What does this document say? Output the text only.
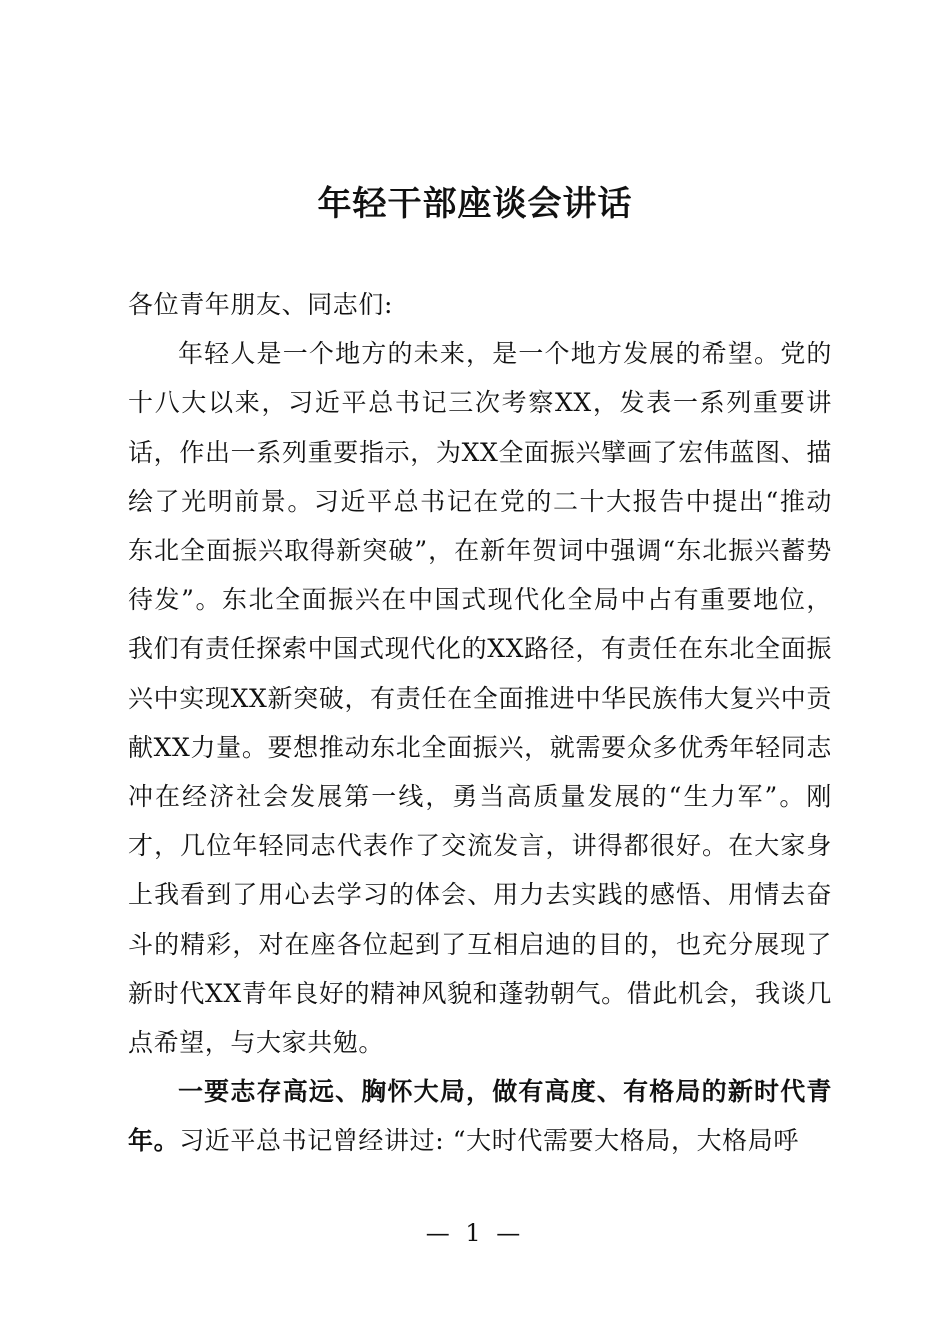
年轻干部座谈会讲话

各位青年朋友、同志们:

年轻人是一个地方的未来，是一个地方发展的希望。党的十八大以来，习近平总书记三次考察XX，发表一系列重要讲话，作出一系列重要指示，为XX全面振兴擘画了宏伟蓝图、描绘了光明前景。习近平总书记在党的二十大报告中提出“推动东北全面振兴取得新突破”，在新年贺词中强调“东北振兴蓄势待发”。东北全面振兴在中国式现代化全局中占有重要地位，我们有责任探索中国式现代化的XX路径，有责任在东北全面振兴中实现XX新突破，有责任在全面推进中华民族伟大复兴中贡献XX力量。要想推动东北全面振兴，就需要众多优秀年轻同志冲在经济社会发展第一线，勇当高质量发展的“生力军”。刚才，几位年轻同志代表作了交流发言，讲得都很好。在大家身上我看到了用心去学习的体会、用力去实践的感悟、用情去奋斗的精彩，对在座各位起到了互相启迪的目的，也充分展现了新时代XX青年良好的精神风貌和蓬勃朝气。借此机会，我谈几点希望，与大家共勉。

一要志存高远、胸怀大局，做有高度、有格局的新时代青年。习近平总书记曾经讲过: “大时代需要大格局，大格局呼

— 1 —
